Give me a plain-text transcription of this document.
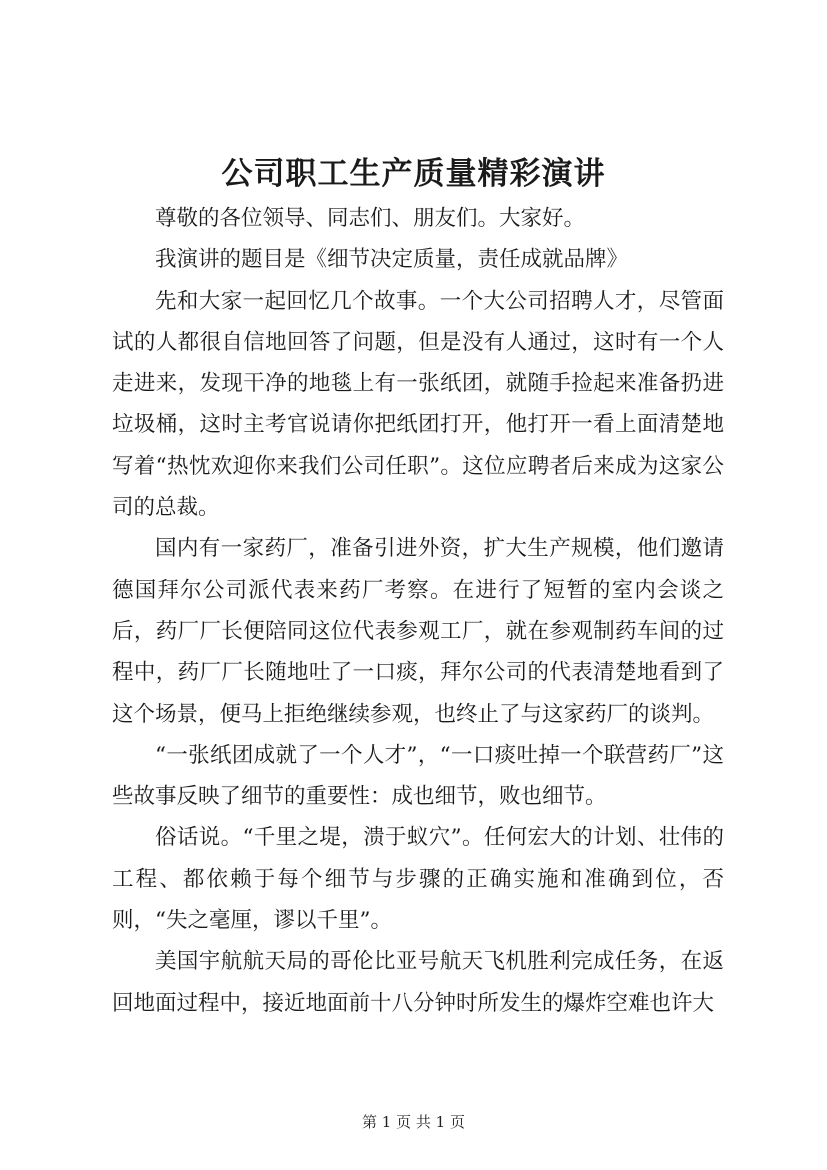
公司职工生产质量精彩演讲

尊敬的各位领导、同志们、朋友们。大家好。

我演讲的题目是《细节决定质量，责任成就品牌》

先和大家一起回忆几个故事。一个大公司招聘人才，尽管面试的人都很自信地回答了问题，但是没有人通过，这时有一个人走进来，发现干净的地毯上有一张纸团，就随手捡起来准备扔进垃圾桶，这时主考官说请你把纸团打开，他打开一看上面清楚地写着“热忱欢迎你来我们公司任职”。这位应聘者后来成为这家公司的总裁。

国内有一家药厂，准备引进外资，扩大生产规模，他们邀请德国拜尔公司派代表来药厂考察。在进行了短暂的室内会谈之后，药厂厂长便陪同这位代表参观工厂，就在参观制药车间的过程中，药厂厂长随地吐了一口痰，拜尔公司的代表清楚地看到了这个场景，便马上拒绝继续参观，也终止了与这家药厂的谈判。

“一张纸团成就了一个人才”，“一口痰吐掉一个联营药厂”这些故事反映了细节的重要性：成也细节，败也细节。

俗话说。“千里之堤，溃于蚁穴”。任何宏大的计划、壮伟的工程、都依赖于每个细节与步骤的正确实施和准确到位，否则，“失之毫厘，谬以千里”。

美国宇航航天局的哥伦比亚号航天飞机胜利完成任务，在返回地面过程中，接近地面前十八分钟时所发生的爆炸空难也许大

第 1 页 共 1 页
